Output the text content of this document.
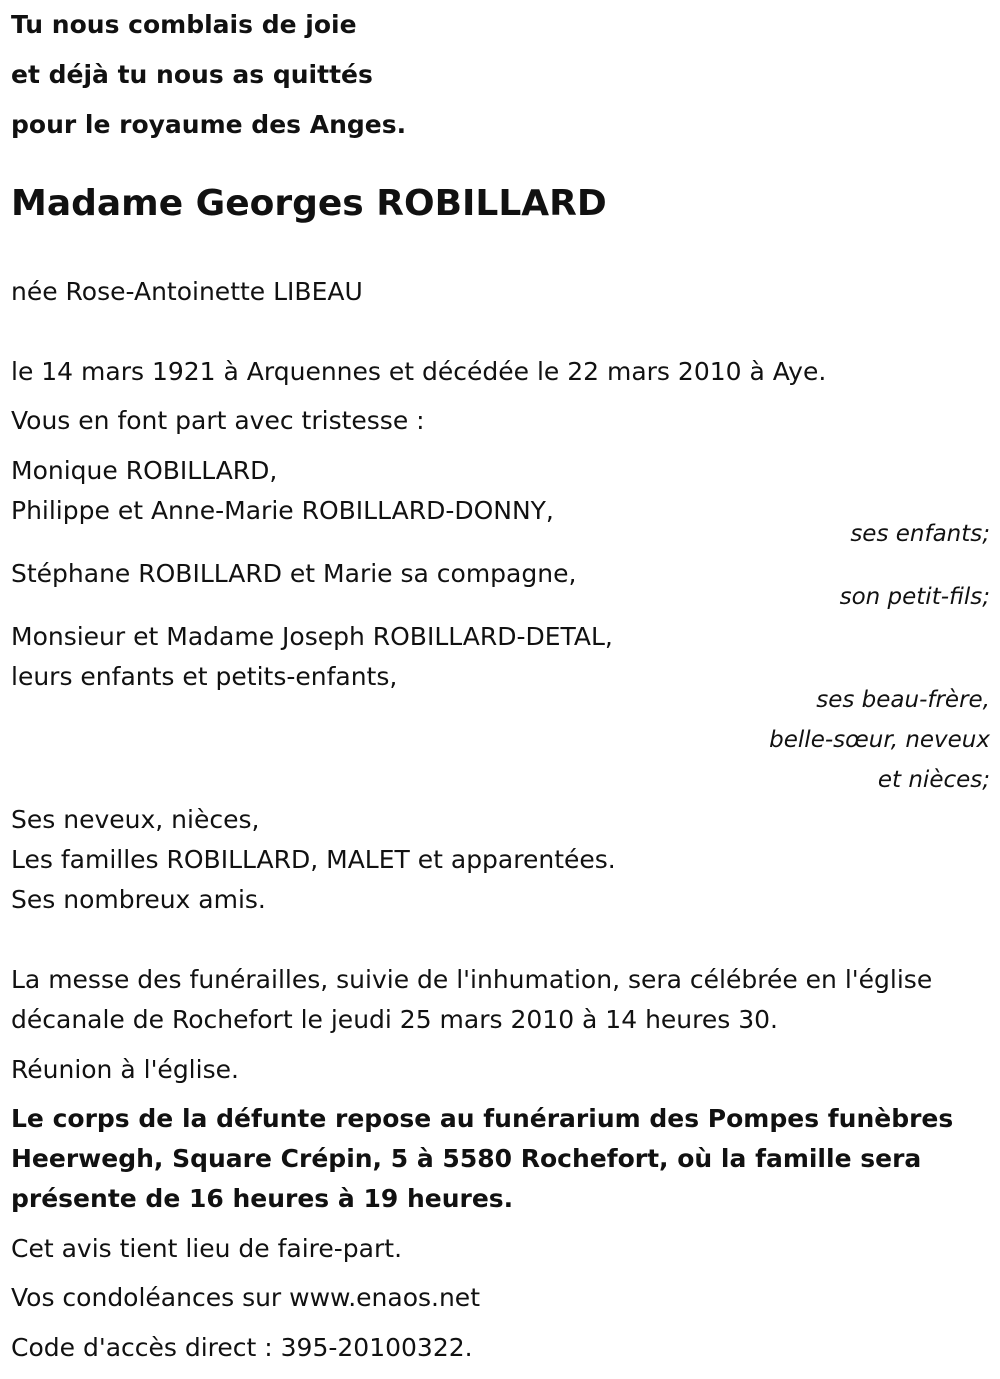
Tu nous comblais de joie
et déjà tu nous as quittés
pour le royaume des Anges.
Madame Georges ROBILLARD
née Rose-Antoinette LIBEAU
le 14 mars 1921 à Arquennes et décédée le 22 mars 2010 à Aye.
Vous en font part avec tristesse :
Monique ROBILLARD,
Philippe et Anne-Marie ROBILLARD-DONNY,
ses enfants;
Stéphane ROBILLARD et Marie sa compagne,
son petit-fils;
Monsieur et Madame Joseph ROBILLARD-DETAL,
leurs enfants et petits-enfants,
ses beau-frère,
belle-sœur, neveux
et nièces;
Ses neveux, nièces,
Les familles ROBILLARD, MALET et apparentées.
Ses nombreux amis.
La messe des funérailles, suivie de l'inhumation, sera célébrée en l'église
décanale de Rochefort le jeudi 25 mars 2010 à 14 heures 30.
Réunion à l'église.
Le corps de la défunte repose au funérarium des Pompes funèbres
Heerwegh, Square Crépin, 5 à 5580 Rochefort, où la famille sera
présente de 16 heures à 19 heures.
Cet avis tient lieu de faire-part.
Vos condoléances sur www.enaos.net
Code d'accès direct : 395-20100322.
